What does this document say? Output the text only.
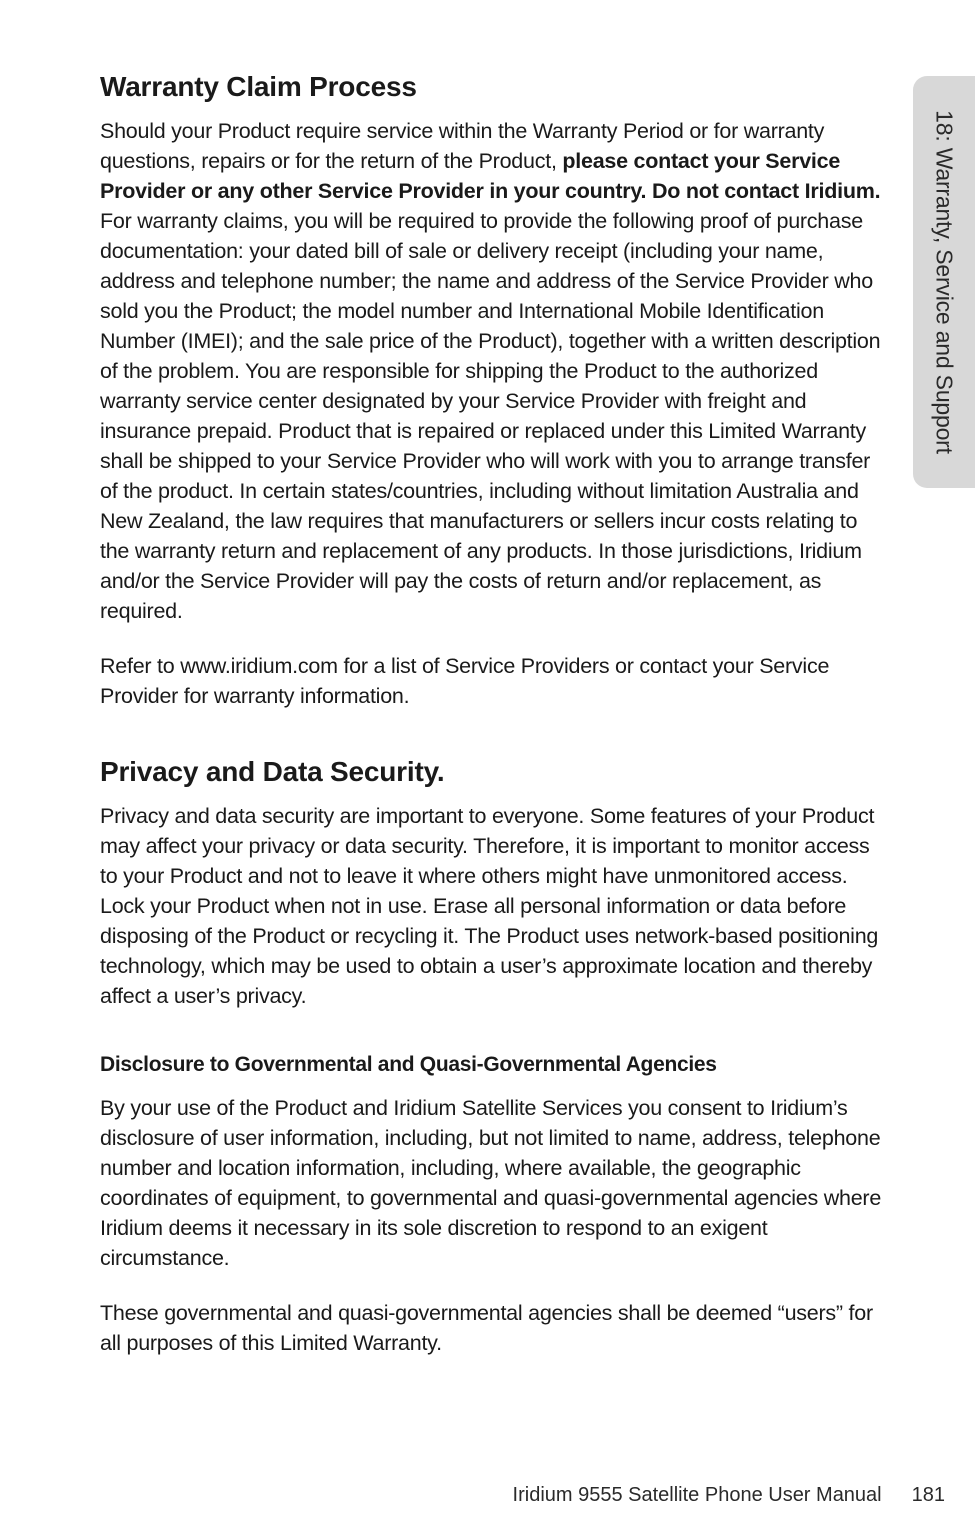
18: Warranty, Service and Support
Warranty Claim Process

Should your Product require service within the Warranty Period or for warranty questions, repairs or for the return of the Product, please contact your Service Provider or any other Service Provider in your country. Do not contact Iridium. For warranty claims, you will be required to provide the following proof of purchase documentation: your dated bill of sale or delivery receipt (including your name, address and telephone number; the name and address of the Service Provider who sold you the Product; the model number and International Mobile Identification Number (IMEI); and the sale price of the Product), together with a written description of the problem. You are responsible for shipping the Product to the authorized warranty service center designated by your Service Provider with freight and insurance prepaid. Product that is repaired or replaced under this Limited Warranty shall be shipped to your Service Provider who will work with you to arrange transfer of the product. In certain states/countries, including without limitation Australia and New Zealand, the law requires that manufacturers or sellers incur costs relating to the warranty return and replacement of any products. In those jurisdictions, Iridium and/or the Service Provider will pay the costs of return and/or replacement, as required.

Refer to www.iridium.com for a list of Service Providers or contact your Service Provider for warranty information.

Privacy and Data Security.

Privacy and data security are important to everyone. Some features of your Product may affect your privacy or data security. Therefore, it is important to monitor access to your Product and not to leave it where others might have unmonitored access. Lock your Product when not in use. Erase all personal information or data before disposing of the Product or recycling it. The Product uses network-based positioning technology, which may be used to obtain a user’s approximate location and thereby affect a user’s privacy.

Disclosure to Governmental and Quasi-Governmental Agencies

By your use of the Product and Iridium Satellite Services you consent to Iridium’s disclosure of user information, including, but not limited to name, address, telephone number and location information, including, where available, the geographic coordinates of equipment, to governmental and quasi-governmental agencies where Iridium deems it necessary in its sole discretion to respond to an exigent circumstance.

These governmental and quasi-governmental agencies shall be deemed “users” for all purposes of this Limited Warranty.

Iridium 9555 Satellite Phone User Manual 181
